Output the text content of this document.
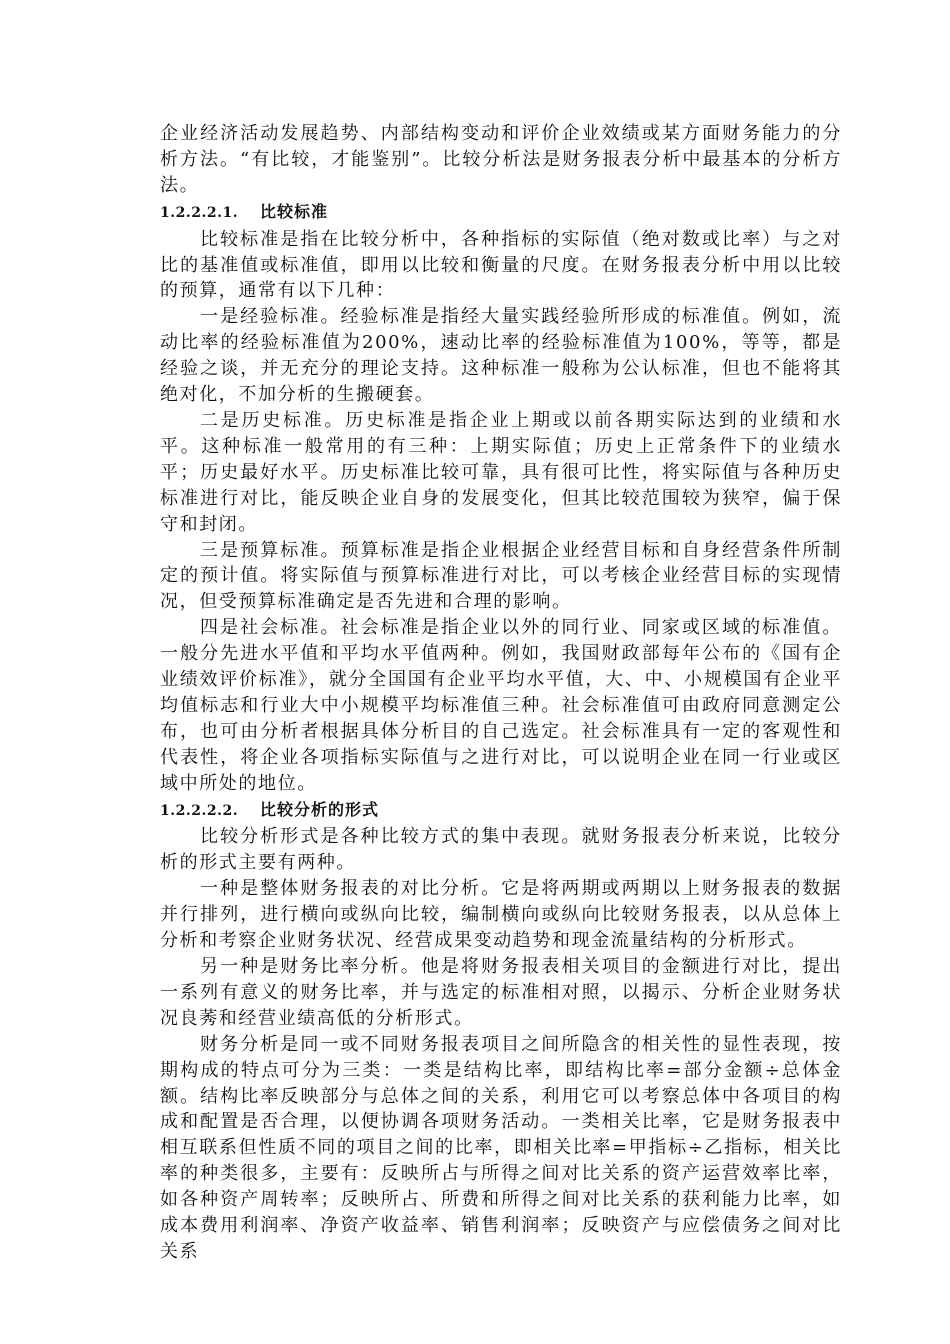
企业经济活动发展趋势、内部结构变动和评价企业效绩或某方面财务能力的分析方法。“有比较，才能鉴别”。比较分析法是财务报表分析中最基本的分析方法。

1.2.2.2.1. 比较标准

比较标准是指在比较分析中，各种指标的实际值（绝对数或比率）与之对比的基准值或标准值，即用以比较和衡量的尺度。在财务报表分析中用以比较的预算，通常有以下几种：

一是经验标准。经验标准是指经大量实践经验所形成的标准值。例如，流动比率的经验标准值为200%，速动比率的经验标准值为100%，等等，都是经验之谈，并无充分的理论支持。这种标准一般称为公认标准，但也不能将其绝对化，不加分析的生搬硬套。

二是历史标准。历史标准是指企业上期或以前各期实际达到的业绩和水平。这种标准一般常用的有三种：上期实际值；历史上正常条件下的业绩水平；历史最好水平。历史标准比较可靠，具有很可比性，将实际值与各种历史标准进行对比，能反映企业自身的发展变化，但其比较范围较为狭窄，偏于保守和封闭。

三是预算标准。预算标准是指企业根据企业经营目标和自身经营条件所制定的预计值。将实际值与预算标准进行对比，可以考核企业经营目标的实现情况，但受预算标准确定是否先进和合理的影响。

四是社会标准。社会标准是指企业以外的同行业、同家或区域的标准值。一般分先进水平值和平均水平值两种。例如，我国财政部每年公布的《国有企业绩效评价标准》，就分全国国有企业平均水平值，大、中、小规模国有企业平均值标志和行业大中小规模平均标准值三种。社会标准值可由政府同意测定公布，也可由分析者根据具体分析目的自己选定。社会标准具有一定的客观性和代表性，将企业各项指标实际值与之进行对比，可以说明企业在同一行业或区域中所处的地位。

1.2.2.2.2. 比较分析的形式

比较分析形式是各种比较方式的集中表现。就财务报表分析来说，比较分析的形式主要有两种。

一种是整体财务报表的对比分析。它是将两期或两期以上财务报表的数据并行排列，进行横向或纵向比较，编制横向或纵向比较财务报表，以从总体上分析和考察企业财务状况、经营成果变动趋势和现金流量结构的分析形式。

另一种是财务比率分析。他是将财务报表相关项目的金额进行对比，提出一系列有意义的财务比率，并与选定的标准相对照，以揭示、分析企业财务状况良莠和经营业绩高低的分析形式。

财务分析是同一或不同财务报表项目之间所隐含的相关性的显性表现，按期构成的特点可分为三类：一类是结构比率，即结构比率=部分金额÷总体金额。结构比率反映部分与总体之间的关系，利用它可以考察总体中各项目的构成和配置是否合理，以便协调各项财务活动。一类相关比率，它是财务报表中相互联系但性质不同的项目之间的比率，即相关比率=甲指标÷乙指标，相关比率的种类很多，主要有：反映所占与所得之间对比关系的资产运营效率比率，如各种资产周转率；反映所占、所费和所得之间对比关系的获利能力比率，如成本费用利润率、净资产收益率、销售利润率；反映资产与应偿债务之间对比关系
